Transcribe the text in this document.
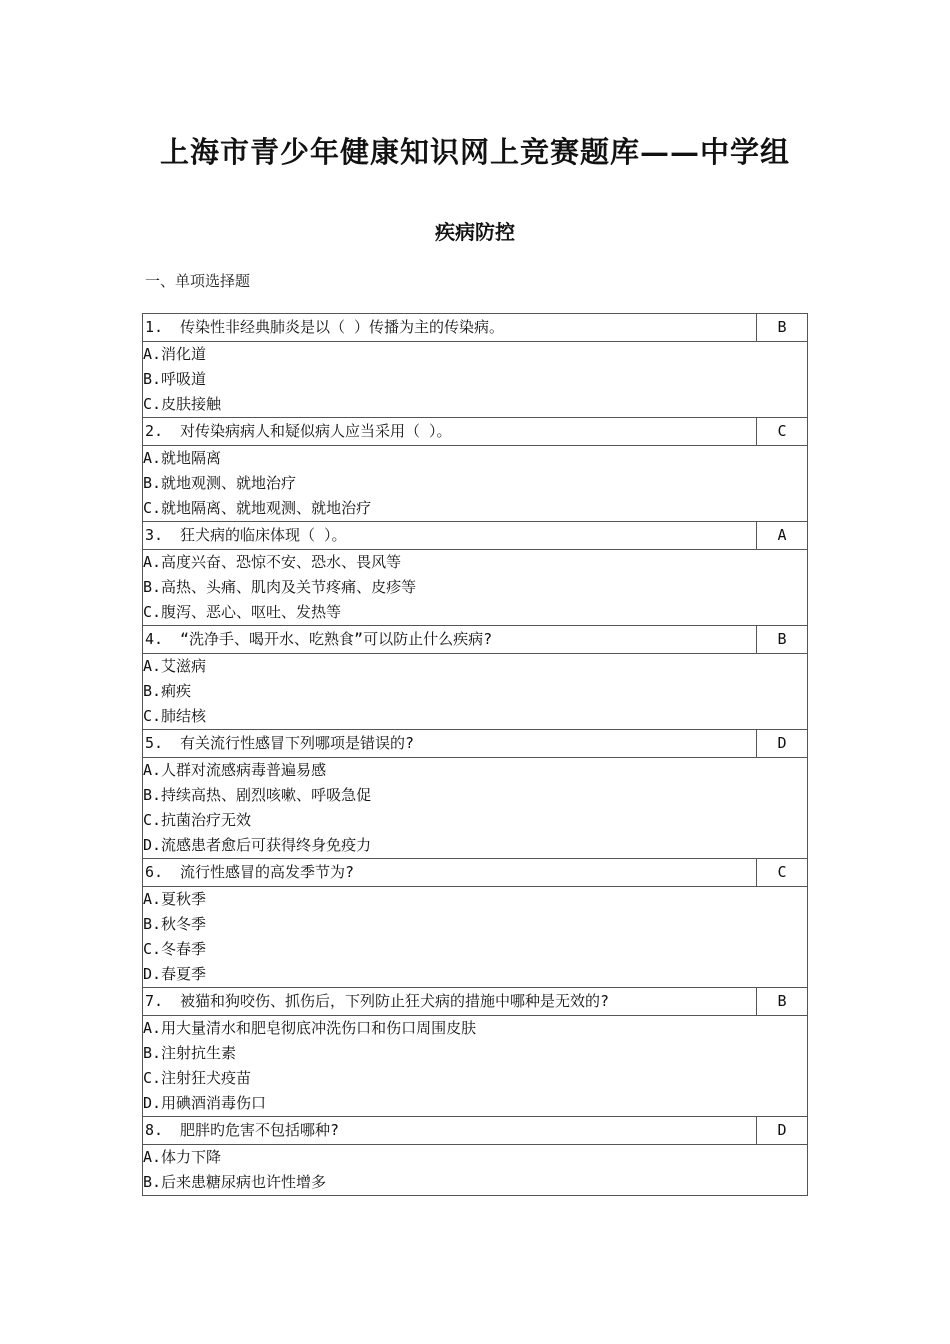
上海市青少年健康知识网上竞赛题库——中学组
疾病防控
一、单项选择题
1. 传染性非经典肺炎是以（ ）传播为主的传染病。	B

A.消化道
B.呼吸道
C.皮肤接触	

2. 对传染病病人和疑似病人应当采用（ ）。	C

A.就地隔离
B.就地观测、就地治疗
C.就地隔离、就地观测、就地治疗	

3. 狂犬病的临床体现（ ）。	A

A.高度兴奋、恐惊不安、恐水、畏风等
B.高热、头痛、肌肉及关节疼痛、皮疹等
C.腹泻、恶心、呕吐、发热等	

4. “洗净手、喝开水、吃熟食”可以防止什么疾病?	B

A.艾滋病
B.痢疾
C.肺结核	

5. 有关流行性感冒下列哪项是错误的?	D

A.人群对流感病毒普遍易感
B.持续高热、剧烈咳嗽、呼吸急促
C.抗菌治疗无效
D.流感患者愈后可获得终身免疫力	

6. 流行性感冒的高发季节为?	C

A.夏秋季
B.秋冬季
C.冬春季
D.春夏季	

7. 被猫和狗咬伤、抓伤后，下列防止狂犬病的措施中哪种是无效的?	B

A.用大量清水和肥皂彻底冲洗伤口和伤口周围皮肤
B.注射抗生素
C.注射狂犬疫苗
D.用碘酒消毒伤口	

8. 肥胖旳危害不包括哪种?	D

A.体力下降
B.后来患糖尿病也许性增多	
